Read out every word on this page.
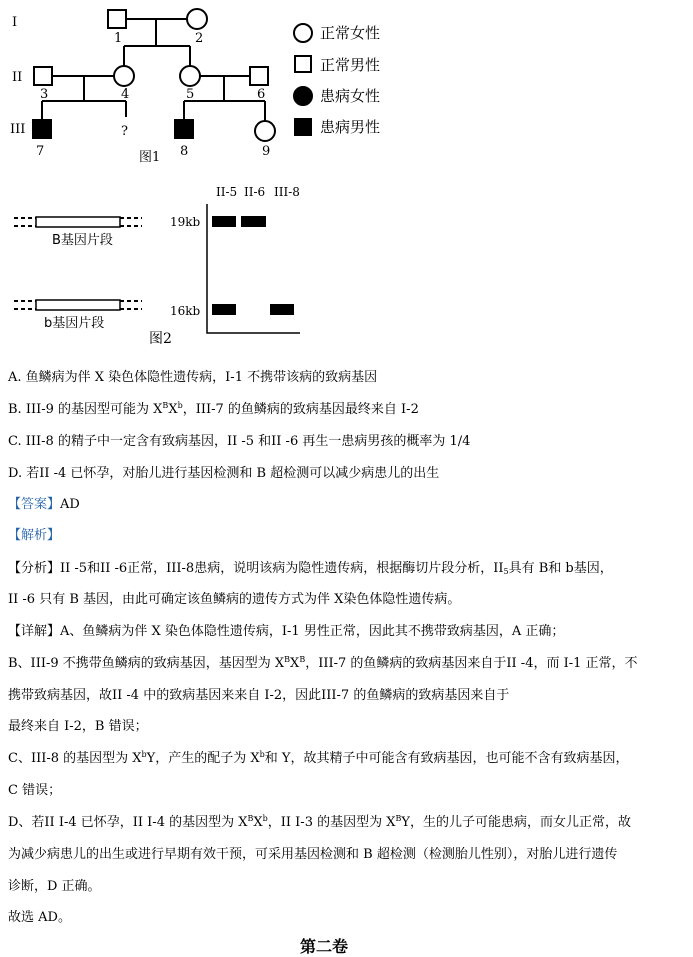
I
II
III
1	2
3	4	5	6
7	8	9
?
图1
正常女性
正常男性
患病女性
患病男性
B基因片段
b基因片段
II-5 II-6 III-8
19kb
16kb
图2
A. 鱼鳞病为伴 X 染色体隐性遗传病，I-1 不携带该病的致病基因
B. III-9 的基因型可能为 $X^BX^b$，III-7 的鱼鳞病的致病基因最终来自 I-2
C. III-8 的精子中一定含有致病基因，II -5 和II -6 再生一患病男孩的概率为 1/4
D. 若II -4 已怀孕，对胎儿进行基因检测和 B 超检测可以减少病患儿的出生
【答案】AD
【解析】
【分析】II -5和II -6正常，III-8患病，说明该病为隐性遗传病，根据酶切片段分析，$II_5$具有 B和 b基因，
II -6 只有 B 基因，由此可确定该鱼鳞病的遗传方式为伴 X染色体隐性遗传病。
【详解】A、鱼鳞病为伴 X 染色体隐性遗传病，I-1 男性正常，因此其不携带致病基因，A 正确；
B、III-9 不携带鱼鳞病的致病基因，基因型为 $X^BX^B$，III-7 的鱼鳞病的致病基因来自于II -4，而 I-1 正常，不
携带致病基因，故II -4 中的致病基因来来自 I-2，因此III-7 的鱼鳞病的致病基因来自于
最终来自 I-2，B 错误；
C、III-8 的基因型为 $X^bY$，产生的配子为 $X^b$和 Y，故其精子中可能含有致病基因，也可能不含有致病基因，
C 错误；
D、若II I-4 已怀孕，II I-4 的基因型为 $X^BX^b$，II I-3 的基因型为 $X^BY$，生的儿子可能患病，而女儿正常，故
为减少病患儿的出生或进行早期有效干预，可采用基因检测和 B 超检测（检测胎儿性别），对胎儿进行遗传
诊断，D 正确。
故选 AD。
第二卷
